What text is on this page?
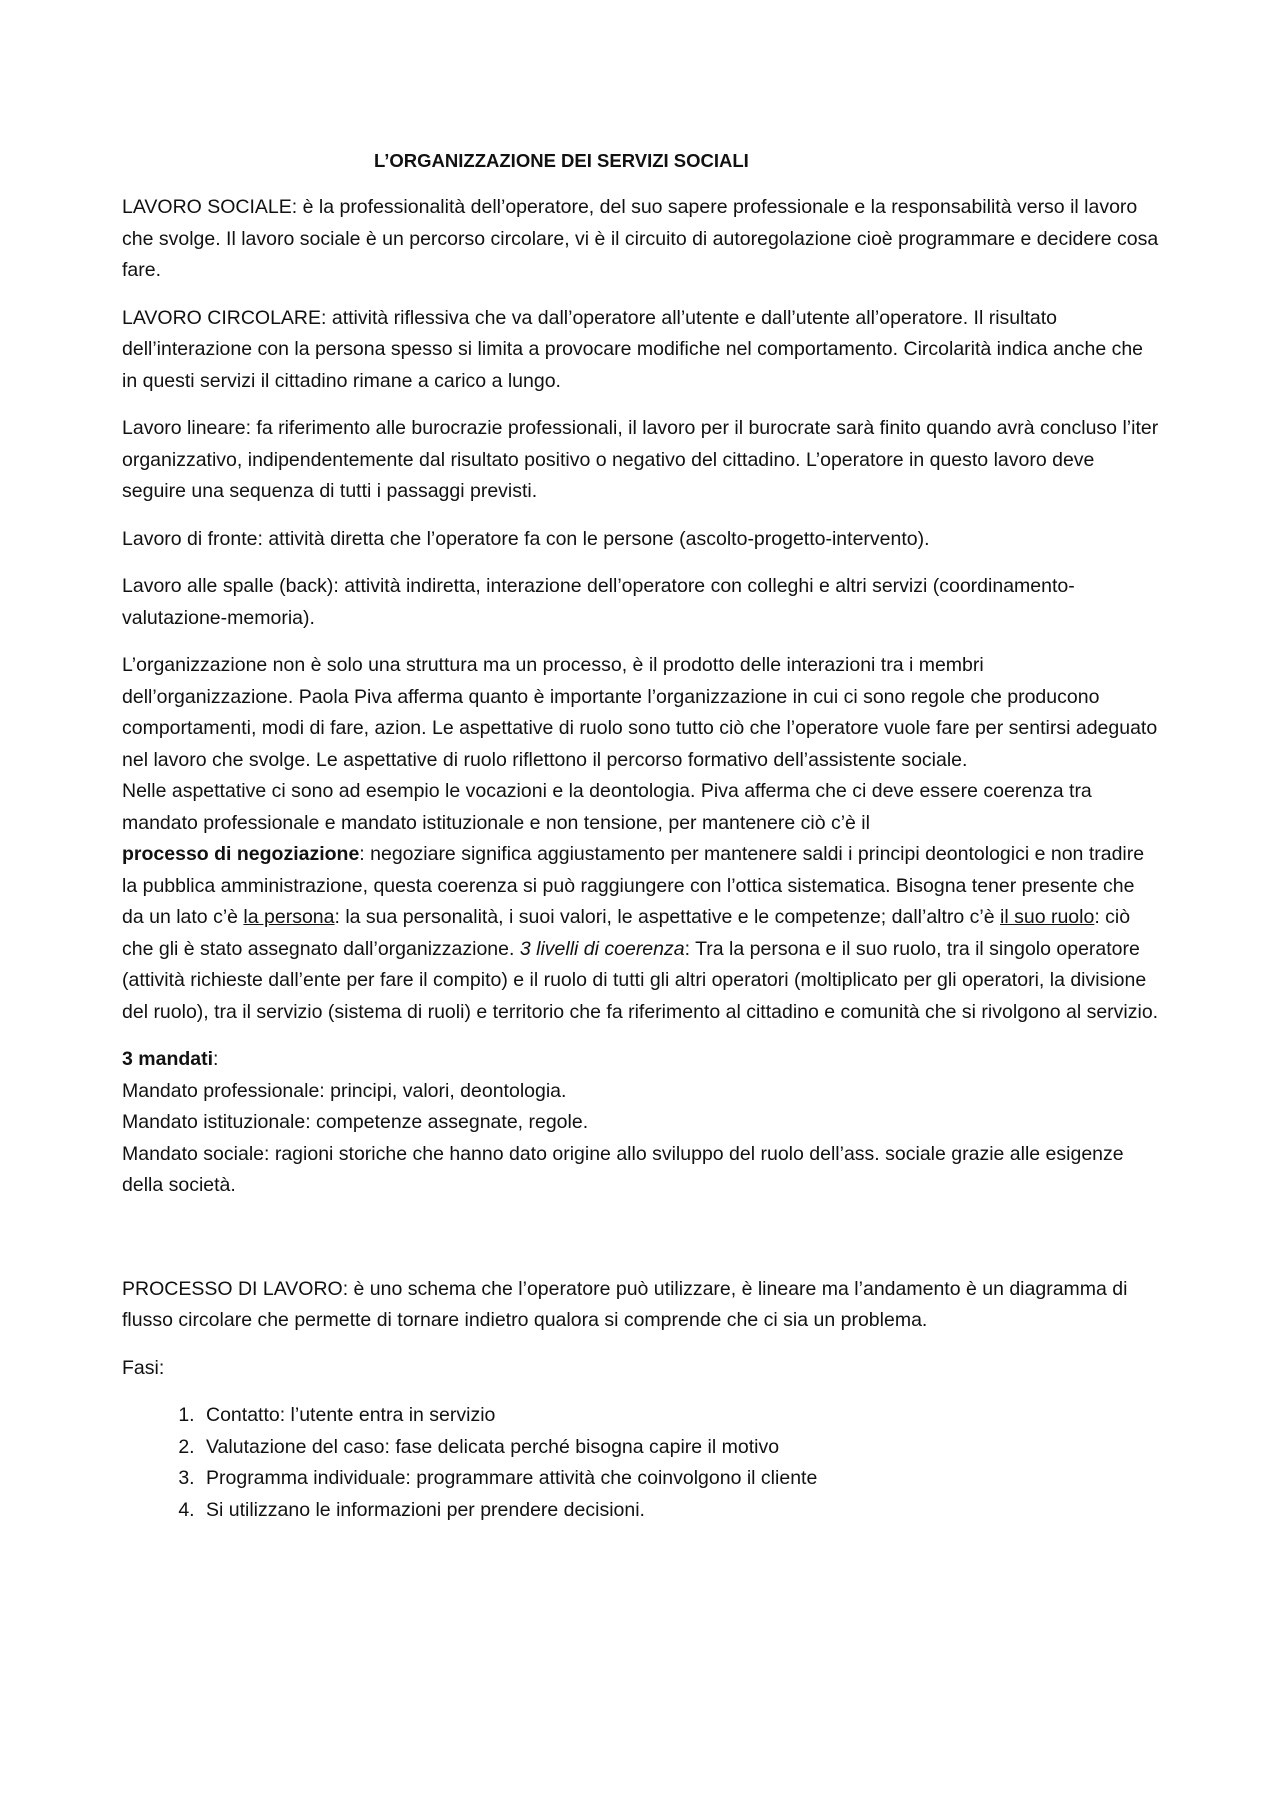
L’ORGANIZZAZIONE DEI SERVIZI SOCIALI

LAVORO SOCIALE: è la professionalità dell’operatore, del suo sapere professionale e la responsabilità verso il lavoro che svolge. Il lavoro sociale è un percorso circolare, vi è il circuito di autoregolazione cioè programmare e decidere cosa fare.

LAVORO CIRCOLARE: attività riflessiva che va dall’operatore all’utente e dall’utente all’operatore. Il risultato dell’interazione con la persona spesso si limita a provocare modifiche nel comportamento. Circolarità indica anche che in questi servizi il cittadino rimane a carico a lungo.

Lavoro lineare: fa riferimento alle burocrazie professionali, il lavoro per il burocrate sarà finito quando avrà concluso l’iter organizzativo, indipendentemente dal risultato positivo o negativo del cittadino. L’operatore in questo lavoro deve seguire una sequenza di tutti i passaggi previsti.

Lavoro di fronte: attività diretta che l’operatore fa con le persone (ascolto-progetto-intervento).

Lavoro alle spalle (back): attività indiretta, interazione dell’operatore con colleghi e altri servizi (coordinamento-valutazione-memoria).

L’organizzazione non è solo una struttura ma un processo, è il prodotto delle interazioni tra i membri dell’organizzazione. Paola Piva afferma quanto è importante l’organizzazione in cui ci sono regole che producono comportamenti, modi di fare, azion. Le aspettative di ruolo sono tutto ciò che l’operatore vuole fare per sentirsi adeguato nel lavoro che svolge. Le aspettative di ruolo riflettono il percorso formativo dell’assistente sociale.

Nelle aspettative ci sono ad esempio le vocazioni e la deontologia. Piva afferma che ci deve essere coerenza tra mandato professionale e mandato istituzionale e non tensione, per mantenere ciò c’è il

processo di negoziazione: negoziare significa aggiustamento per mantenere saldi i principi deontologici e non tradire la pubblica amministrazione, questa coerenza si può raggiungere con l’ottica sistematica. Bisogna tener presente che da un lato c’è la persona: la sua personalità, i suoi valori, le aspettative e le competenze; dall’altro c’è il suo ruolo: ciò che gli è stato assegnato dall’organizzazione. 3 livelli di coerenza: Tra la persona e il suo ruolo, tra il singolo operatore (attività richieste dall’ente per fare il compito) e il ruolo di tutti gli altri operatori (moltiplicato per gli operatori, la divisione del ruolo), tra il servizio (sistema di ruoli) e territorio che fa riferimento al cittadino e comunità che si rivolgono al servizio.

3 mandati:

Mandato professionale: principi, valori, deontologia.

Mandato istituzionale: competenze assegnate, regole.

Mandato sociale: ragioni storiche che hanno dato origine allo sviluppo del ruolo dell’ass. sociale grazie alle esigenze della società.

PROCESSO DI LAVORO: è uno schema che l’operatore può utilizzare, è lineare ma l’andamento è un diagramma di flusso circolare che permette di tornare indietro qualora si comprende che ci sia un problema.

Fasi:

1. Contatto: l’utente entra in servizio
2. Valutazione del caso: fase delicata perché bisogna capire il motivo
3. Programma individuale: programmare attività che coinvolgono il cliente
4. Si utilizzano le informazioni per prendere decisioni.
